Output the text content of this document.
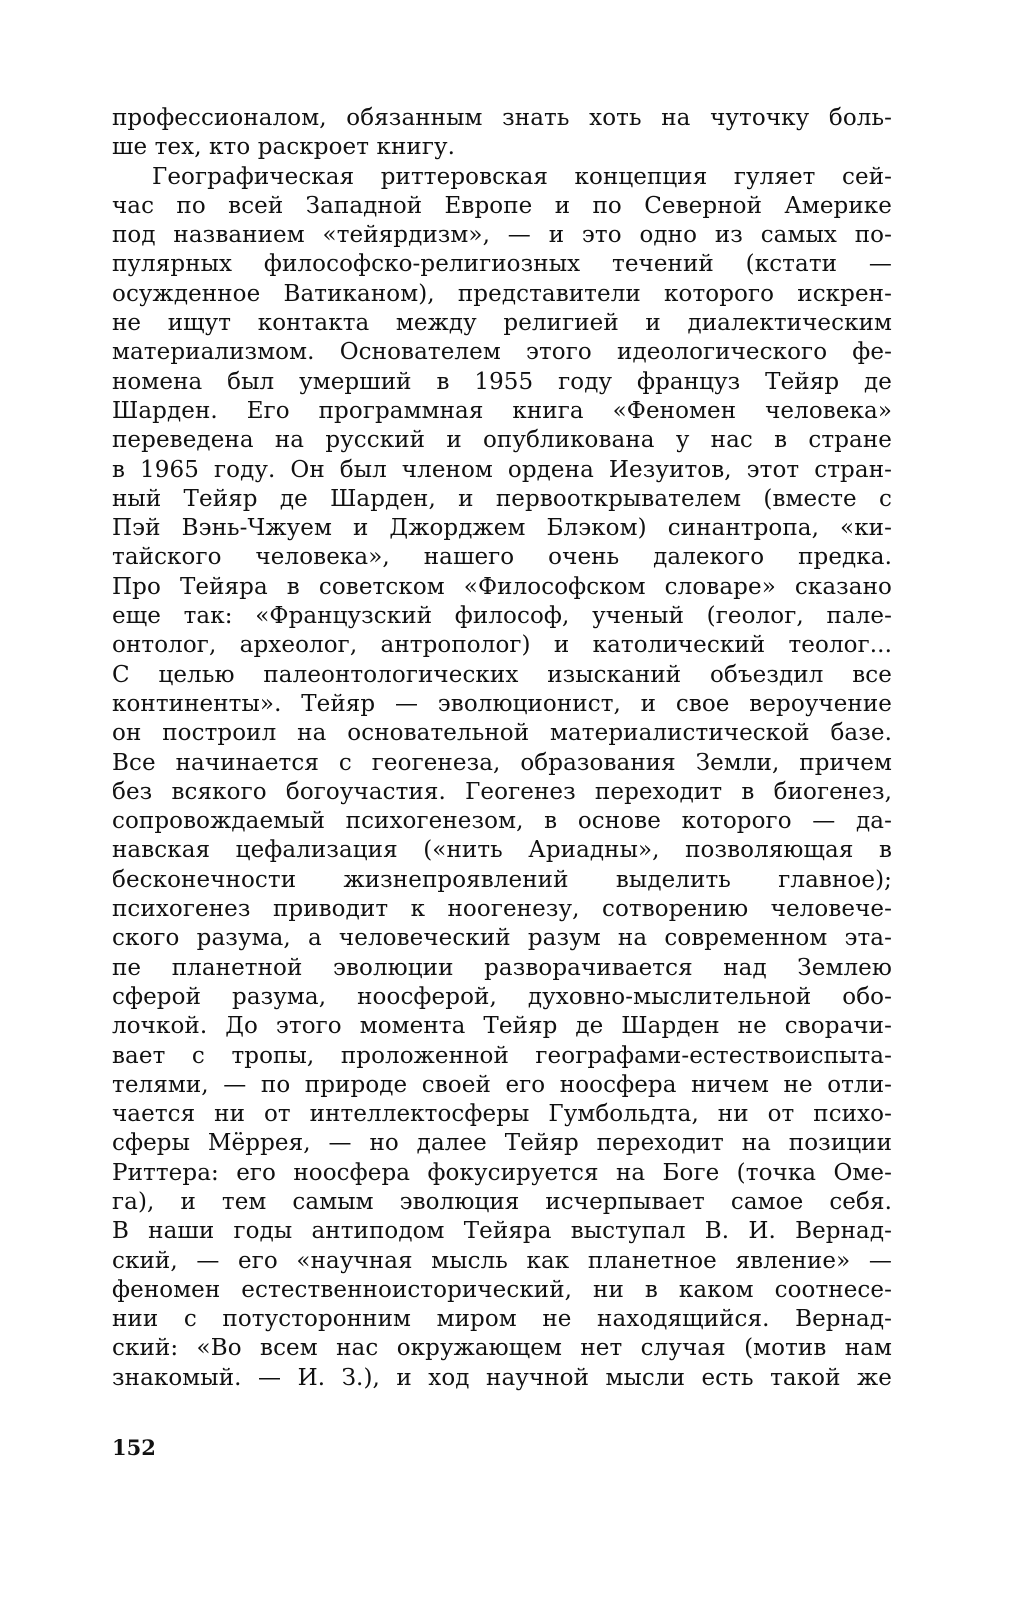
профессионалом, обязанным знать хоть на чуточку боль-
ше тех, кто раскроет книгу.
Географическая риттеровская концепция гуляет сей-
час по всей Западной Европе и по Северной Америке
под названием «тейярдизм», — и это одно из самых по-
пулярных философско-религиозных течений (кстати —
осужденное Ватиканом), представители которого искрен-
не ищут контакта между религией и диалектическим
материализмом. Основателем этого идеологического фе-
номена был умерший в 1955 году француз Тейяр де
Шарден. Его программная книга «Феномен человека»
переведена на русский и опубликована у нас в стране
в 1965 году. Он был членом ордена Иезуитов, этот стран-
ный Тейяр де Шарден, и первооткрывателем (вместе с
Пэй Вэнь-Чжуем и Джорджем Блэком) синантропа, «ки-
тайского человека», нашего очень далекого предка.
Про Тейяра в советском «Философском словаре» сказано
еще так: «Французский философ, ученый (геолог, пале-
онтолог, археолог, антрополог) и католический теолог...
С целью палеонтологических изысканий объездил все
континенты». Тейяр — эволюционист, и свое вероучение
он построил на основательной материалистической базе.
Все начинается с геогенеза, образования Земли, причем
без всякого богоучастия. Геогенез переходит в биогенез,
сопровождаемый психогенезом, в основе которого — да-
навская цефализация («нить Ариадны», позволяющая в
бесконечности жизнепроявлений выделить главное);
психогенез приводит к ноогенезу, сотворению человече-
ского разума, а человеческий разум на современном эта-
пе планетной эволюции разворачивается над Землею
сферой разума, ноосферой, духовно-мыслительной обо-
лочкой. До этого момента Тейяр де Шарден не сворачи-
вает с тропы, проложенной географами-естествоиспыта-
телями, — по природе своей его ноосфера ничем не отли-
чается ни от интеллектосферы Гумбольдта, ни от психо-
сферы Мёррея, — но далее Тейяр переходит на позиции
Риттера: его ноосфера фокусируется на Боге (точка Оме-
га), и тем самым эволюция исчерпывает самое себя.
В наши годы антиподом Тейяра выступал В. И. Вернад-
ский, — его «научная мысль как планетное явление» —
феномен естественноисторический, ни в каком соотнесе-
нии с потусторонним миром не находящийся. Вернад-
ский: «Во всем нас окружающем нет случая (мотив нам
знакомый. — И. З.), и ход научной мысли есть такой же
152
